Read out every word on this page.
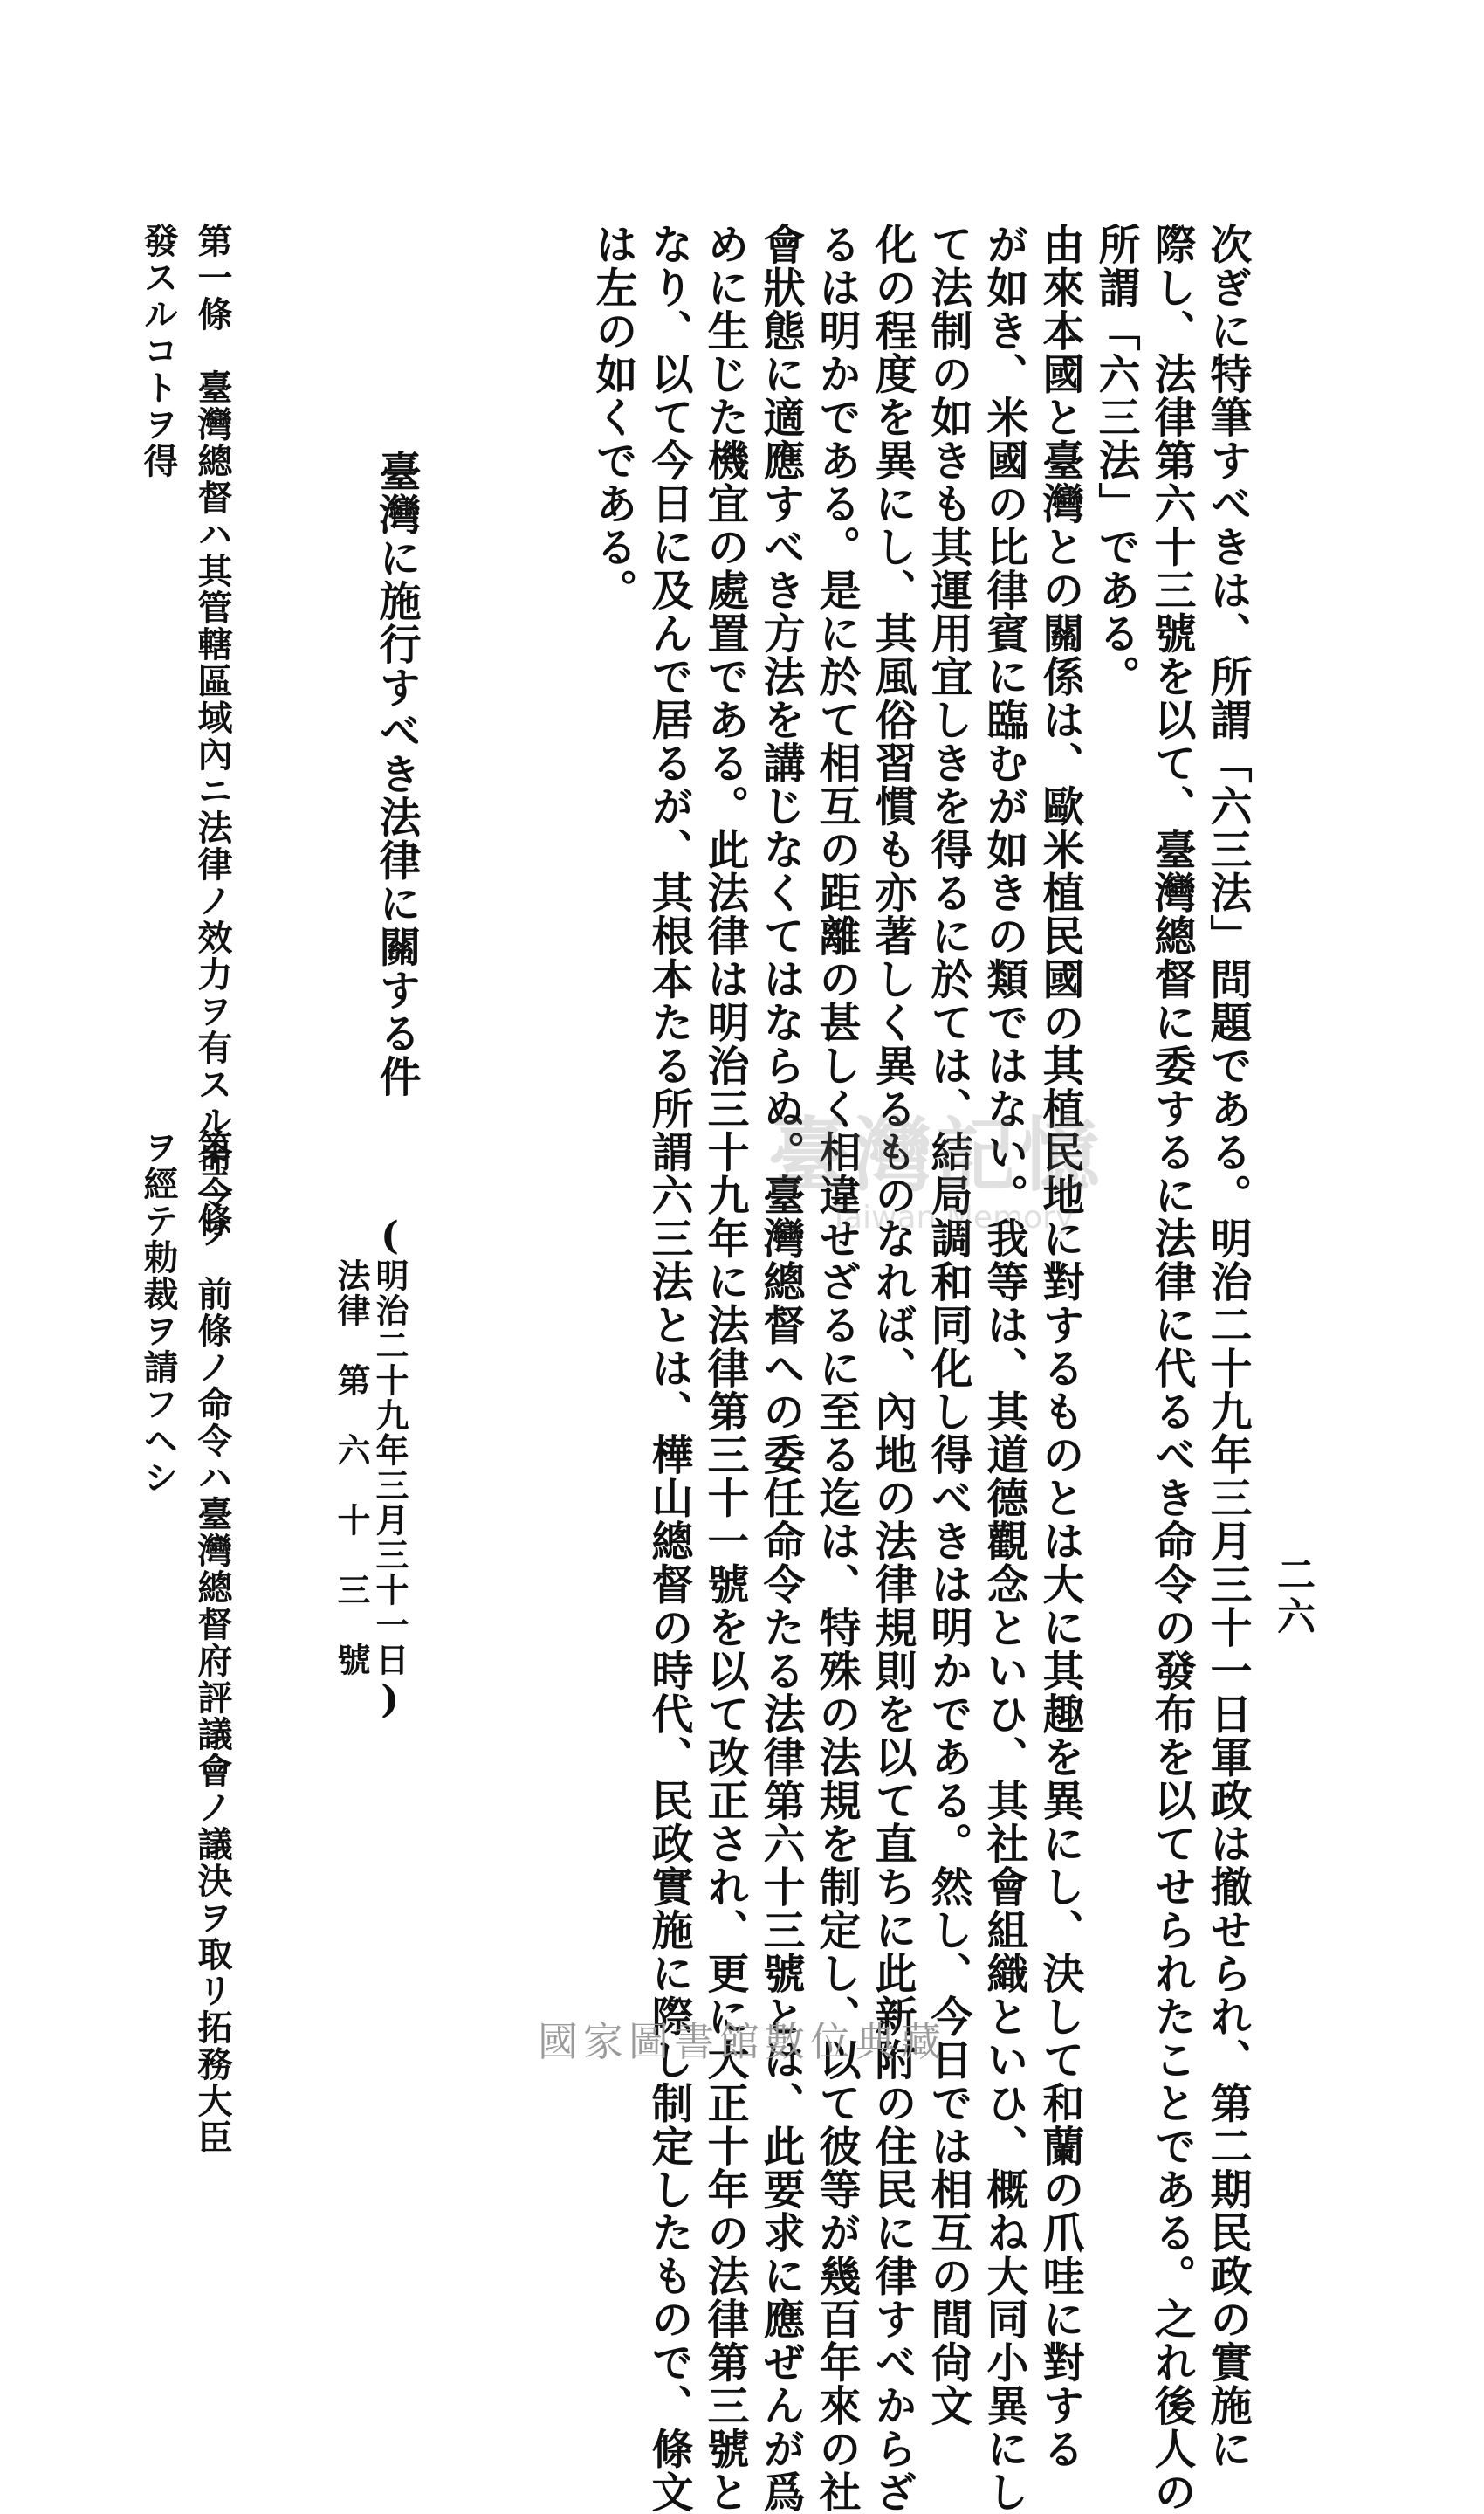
二六

次ぎに特筆すべきは、所謂「六三法」問題である。明治二十九年三月三十一日軍政は撤せられ、第二期民政の實施に
際し、法律第六十三號を以て、臺灣總督に委するに法律に代るべき命令の發布を以てせられたことである。之れ後人の
所謂「六三法」である。

由來本國と臺灣との關係は、歐米植民國の其植民地に對するものとは大に其趣を異にし、決して和蘭の爪哇に對する
が如き、米國の比律賓に臨むが如きの類ではない。我等は、其道德觀念といひ、其社會組織といひ、概ね大同小異にし
て法制の如きも其運用宜しきを得るに於ては、結局調和同化し得べきは明かである。然し、今日では相互の間尙文
化の程度を異にし、其風俗習慣も亦著しく異るものなれば、內地の法律規則を以て直ちに此新附の住民に律すべからざ
るは明かである。是に於て相互の距離の甚しく相違せざるに至る迄は、特殊の法規を制定し、以て彼等が幾百年來の社
會狀態に適應すべき方法を講じなくてはならぬ。臺灣總督への委任命令たる法律第六十三號とは、此要求に應ぜんが爲
めに生じた機宜の處置である。此法律は明治三十九年に法律第三十一號を以て改正され、更に大正十年の法律第三號と
なり、以て今日に及んで居るが、其根本たる所謂六三法とは、樺山總督の時代、民政實施に際し制定したもので、條文
は左の如くである。

臺灣に施行すべき法律に關する件
(
明治二十九年三月三十一日
法律　第　六　十　三　號
)

第一條　臺灣總督ハ其管轄區域內ニ法律ノ效力ヲ有スル命令ヲ

發スルコトヲ得

第二條　前條ノ命令ハ臺灣總督府評議會ノ議決ヲ取リ拓務大臣

ヲ經テ勅裁ヲ請フヘシ	臺灣記憶
Taiwan Memory
國家圖書館數位典藏
